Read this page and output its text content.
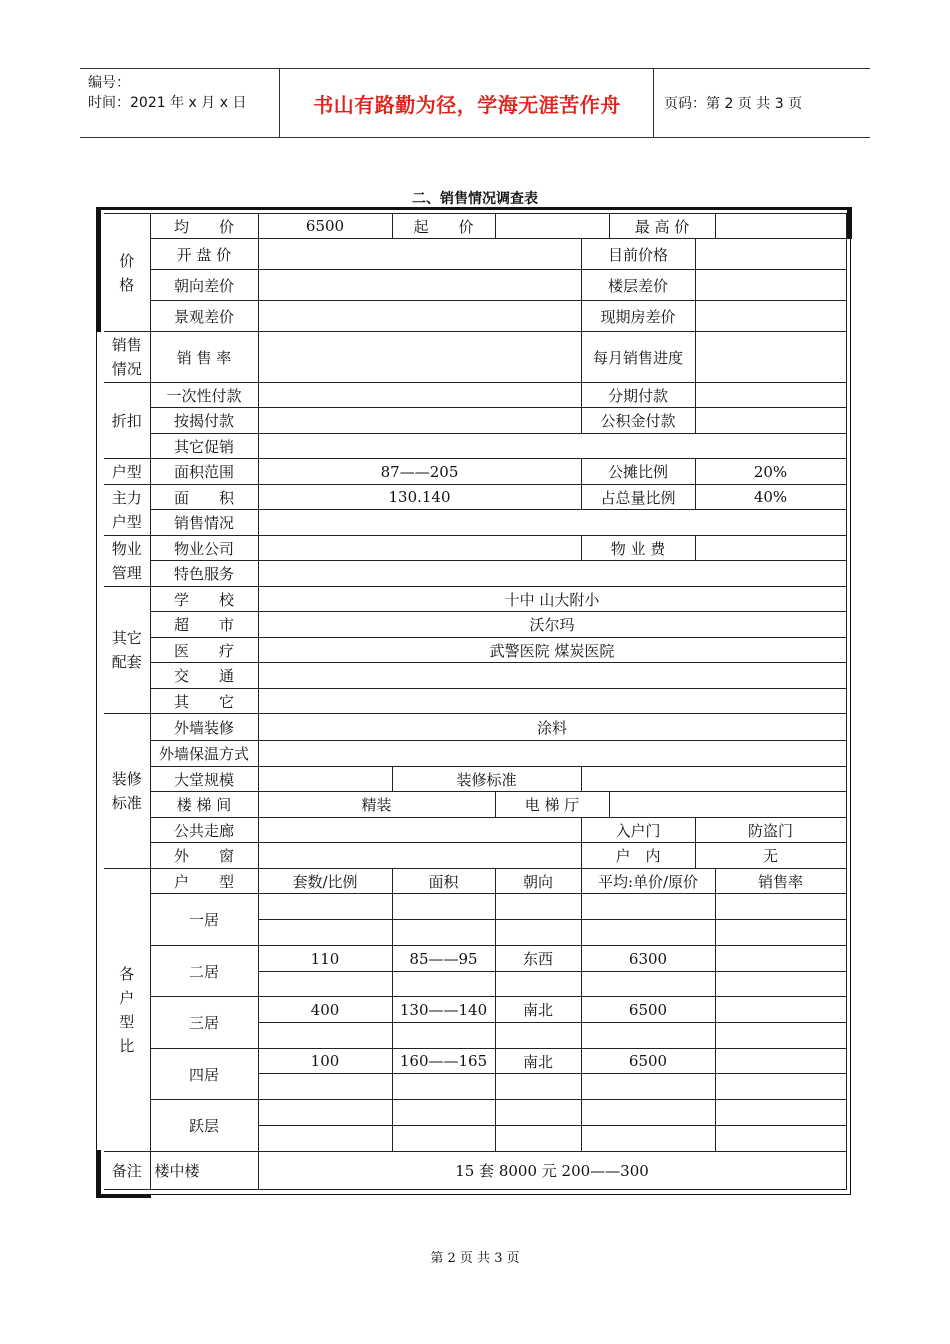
编号：
时间：2021 年 x 月 x 日	书山有路勤为径，学海无涯苦作舟	页码：第 2 页 共 3 页
二、销售情况调查表
价
格	均　　价	6500	起　　价			最 高 价		
	开 盘 价				目前价格			
	朝向差价				楼层差价			
	景观差价				现期房差价			

销售
情况	销 售 率				每月销售进度			
折扣	一次性付款				分期付款			
	按揭付款				公积金付款			
	其它促销							
户型	面积范围	87——205			公摊比例		20%	

主力
户型	面　　积	130.140			占总量比例		40%	
	销售情况							

物业
管理	物业公司				物 业 费			
	特色服务							

其它
配套	学　　校	十中 山大附小						
	超　　市	沃尔玛						
	医　　疗	武警医院 煤炭医院						
	交　　通							
	其　　它							

装修
标准	外墙装修	涂料						
	外墙保温方式							
	大堂规模		装修标准					
	楼 梯 间	精装		电 梯 厅				
	公共走廊				入户门		防盗门	
	外　　窗				户　内		无	

各
户
型
比	户　　型	套数/比例	面积	朝向	平均:单价/原价			销售率
	一居							

	二居	110	85——95	东西	6300			

	三居	400	130——140	南北	6500			

	四居	100	160——165	南北	6500			

	跃层							

备注	楼中楼	15 套 8000 元 200——300						
第 2 页 共 3 页
